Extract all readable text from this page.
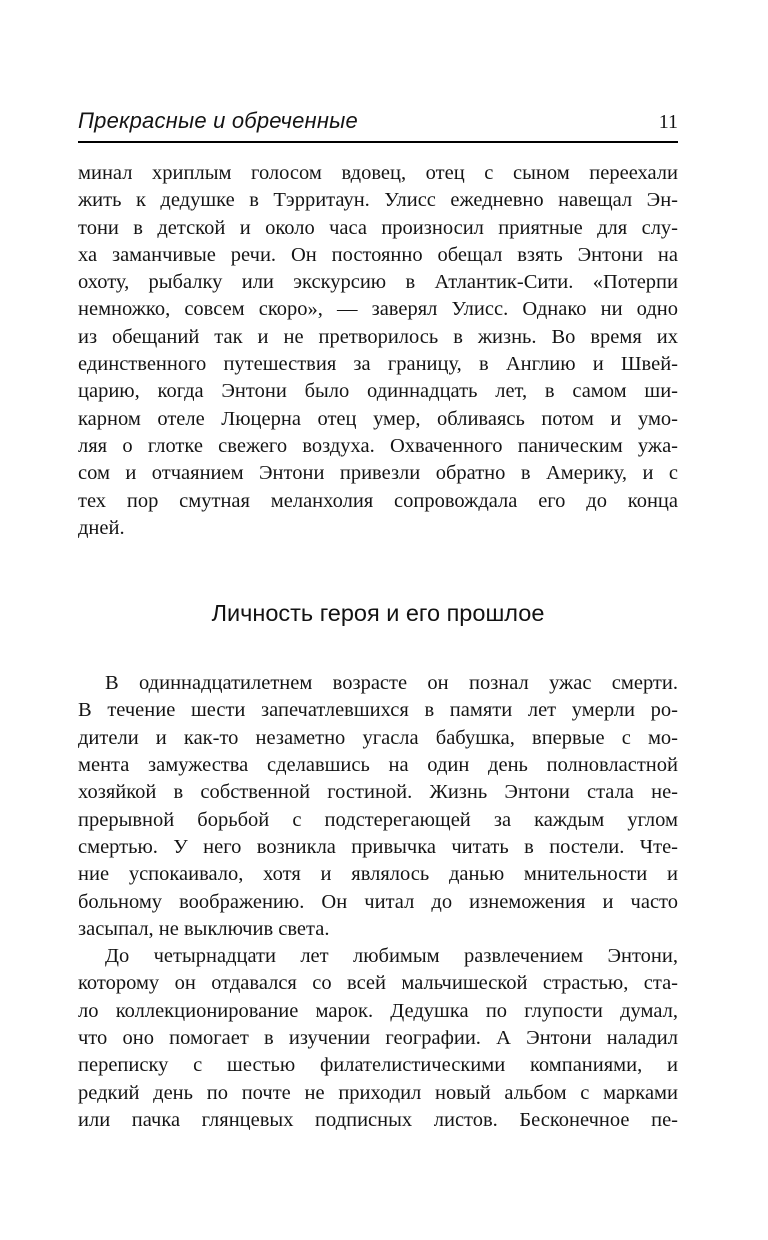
Прекрасные и обреченные	11
минал хриплым голосом вдовец, отец с сыном переехали
жить к дедушке в Тэрритаун. Улисс ежедневно навещал Эн-
тони в детской и около часа произносил приятные для слу-
ха заманчивые речи. Он постоянно обещал взять Энтони на
охоту, рыбалку или экскурсию в Атлантик-Сити. «Потерпи
немножко, совсем скоро», — заверял Улисс. Однако ни одно
из обещаний так и не претворилось в жизнь. Во время их
единственного путешествия за границу, в Англию и Швей-
царию, когда Энтони было одиннадцать лет, в самом ши-
карном отеле Люцерна отец умер, обливаясь потом и умо-
ляя о глотке свежего воздуха. Охваченного паническим ужа-
сом и отчаянием Энтони привезли обратно в Америку, и с
тех пор смутная меланхолия сопровождала его до конца
дней.
Личность героя и его прошлое
В одиннадцатилетнем возрасте он познал ужас смерти.
В течение шести запечатлевшихся в памяти лет умерли ро-
дители и как-то незаметно угасла бабушка, впервые с мо-
мента замужества сделавшись на один день полновластной
хозяйкой в собственной гостиной. Жизнь Энтони стала не-
прерывной борьбой с подстерегающей за каждым углом
смертью. У него возникла привычка читать в постели. Чте-
ние успокаивало, хотя и являлось данью мнительности и
больному воображению. Он читал до изнеможения и часто
засыпал, не выключив света.
До четырнадцати лет любимым развлечением Энтони,
которому он отдавался со всей мальчишеской страстью, ста-
ло коллекционирование марок. Дедушка по глупости думал,
что оно помогает в изучении географии. А Энтони наладил
переписку с шестью филателистическими компаниями, и
редкий день по почте не приходил новый альбом с марками
или пачка глянцевых подписных листов. Бесконечное пе-
